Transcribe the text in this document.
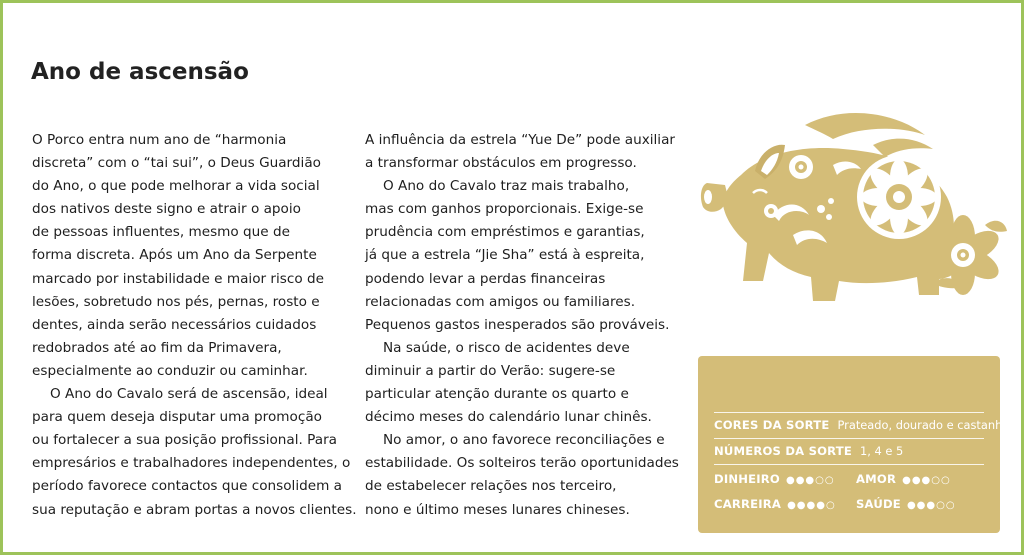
Ano de ascensão
O Porco entra num ano de “harmonia
discreta” com o “tai sui”, o Deus Guardião
do Ano, o que pode melhorar a vida social
dos nativos deste signo e atrair o apoio
de pessoas influentes, mesmo que de
forma discreta. Após um Ano da Serpente
marcado por instabilidade e maior risco de
lesões, sobretudo nos pés, pernas, rosto e
dentes, ainda serão necessários cuidados
redobrados até ao fim da Primavera,
especialmente ao conduzir ou caminhar.
O Ano do Cavalo será de ascensão, ideal
para quem deseja disputar uma promoção
ou fortalecer a sua posição profissional. Para
empresários e trabalhadores independentes, o
período favorece contactos que consolidem a
sua reputação e abram portas a novos clientes.
A influência da estrela “Yue De” pode auxiliar
a transformar obstáculos em progresso.
O Ano do Cavalo traz mais trabalho,
mas com ganhos proporcionais. Exige-se
prudência com empréstimos e garantias,
já que a estrela “Jie Sha” está à espreita,
podendo levar a perdas financeiras
relacionadas com amigos ou familiares.
Pequenos gastos inesperados são prováveis.
Na saúde, o risco de acidentes deve
diminuir a partir do Verão: sugere-se
particular atenção durante os quarto e
décimo meses do calendário lunar chinês.
No amor, o ano favorece reconciliações e
estabilidade. Os solteiros terão oportunidades
de estabelecer relações nos terceiro,
nono e último meses lunares chineses.
CORES DA SORTE Prateado, dourado e castanho
NÚMEROS DA SORTE 1, 4 e 5
DINHEIRO ●●●○○ AMOR ●●●○○
CARREIRA ●●●●○ SAÚDE ●●●○○
